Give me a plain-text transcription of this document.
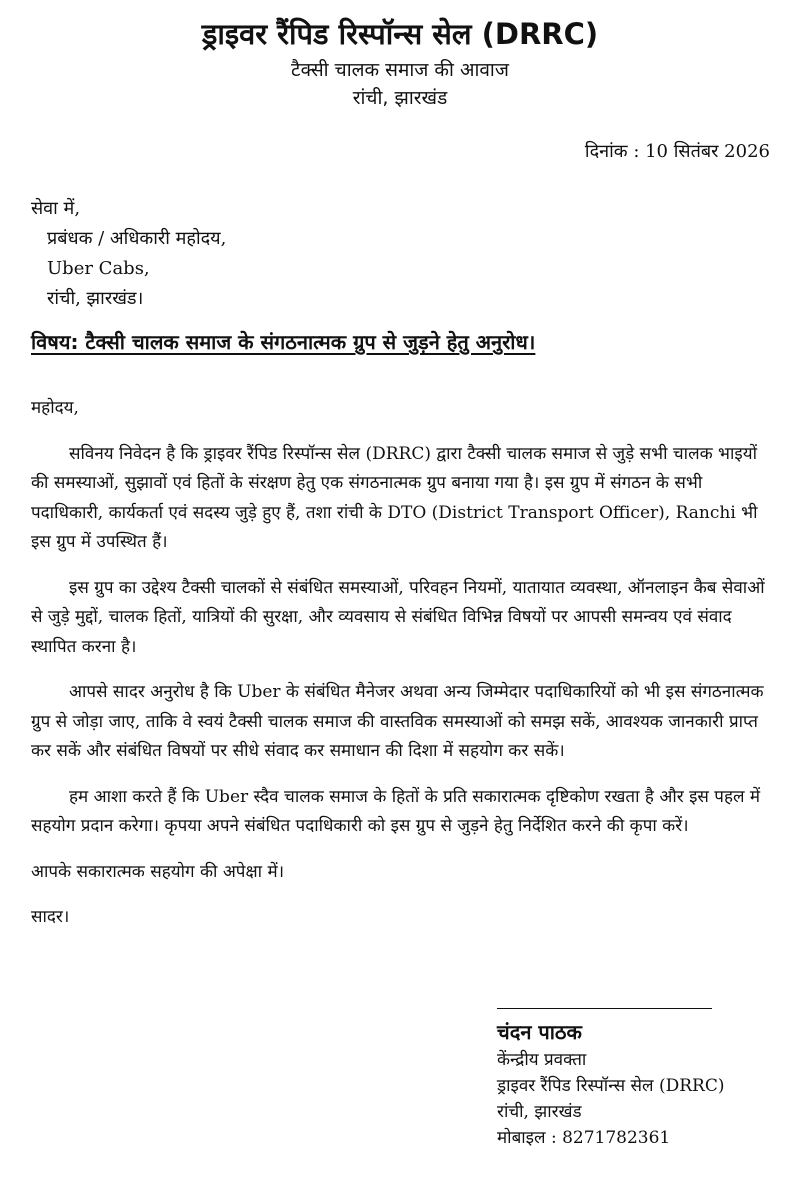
ड्राइवर रैंपिड रिस्पॉन्स सेल (DRRC)
टैक्सी चालक समाज की आवाज
रांची, झारखंड
दिनांक : 10 सितंबर 2026
सेवा में,
प्रबंधक / अधिकारी महोदय,
Uber Cabs,
रांची, झारखंड।
विषय: टैक्सी चालक समाज के संगठनात्मक ग्रुप से जुड़ने हेतु अनुरोध।

महोदय,

सविनय निवेदन है कि ड्राइवर रैंपिड रिस्पॉन्स सेल (DRRC) द्वारा टैक्सी चालक समाज से जुड़े सभी चालक भाइयों की समस्याओं, सुझावों एवं हितों के संरक्षण हेतु एक संगठनात्मक ग्रुप बनाया गया है। इस ग्रुप में संगठन के सभी पदाधिकारी, कार्यकर्ता एवं सदस्य जुड़े हुए हैं, तशा रांची के DTO (District Transport Officer), Ranchi भी इस ग्रुप में उपस्थित हैं।

इस ग्रुप का उद्देश्य टैक्सी चालकों से संबंधित समस्याओं, परिवहन नियमों, यातायात व्यवस्था, ऑनलाइन कैब सेवाओं से जुड़े मुद्दों, चालक हितों, यात्रियों की सुरक्षा, और व्यवसाय से संबंधित विभिन्न विषयों पर आपसी समन्वय एवं संवाद स्थापित करना है।

आपसे सादर अनुरोध है कि Uber के संबंधित मैनेजर अथवा अन्य जिम्मेदार पदाधिकारियों को भी इस संगठनात्मक ग्रुप से जोड़ा जाए, ताकि वे स्वयं टैक्सी चालक समाज की वास्तविक समस्याओं को समझ सकें, आवश्यक जानकारी प्राप्त कर सकें और संबंधित विषयों पर सीधे संवाद कर समाधान की दिशा में सहयोग कर सकें।

हम आशा करते हैं कि Uber स्दैव चालक समाज के हितों के प्रति सकारात्मक दृष्टिकोण रखता है और इस पहल में सहयोग प्रदान करेगा। कृपया अपने संबंधित पदाधिकारी को इस ग्रुप से जुड़ने हेतु निर्देशित करने की कृपा करें।

आपके सकारात्मक सहयोग की अपेक्षा में।

सादर।

चंदन पाठक
केंन्द्रीय प्रवक्ता
ड्राइवर रैंपिड रिस्पॉन्स सेल (DRRC)
रांची, झारखंड
मोबाइल : 8271782361
